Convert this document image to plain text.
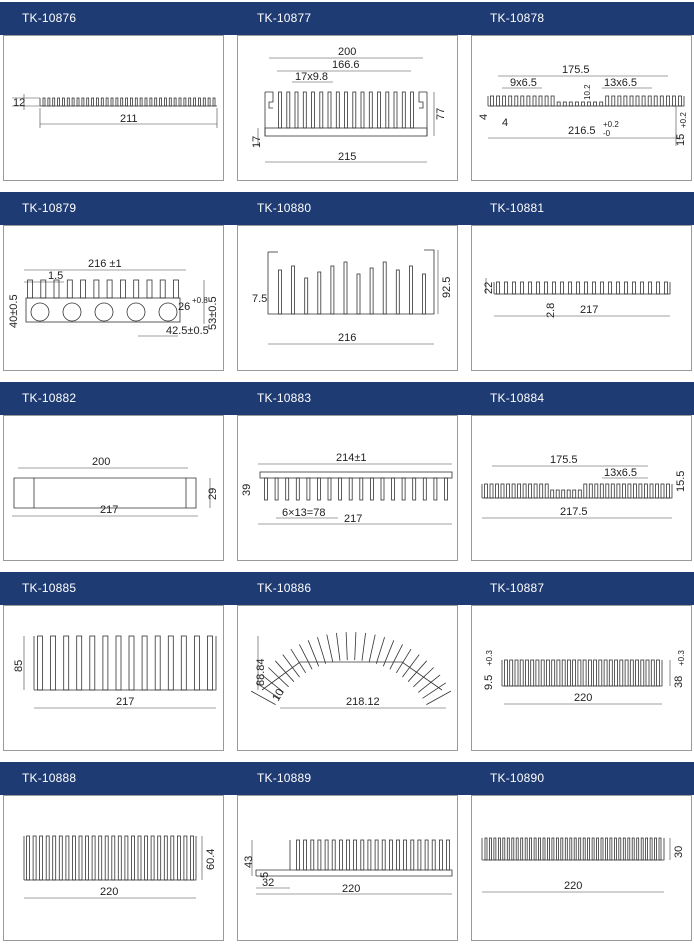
TK-10876	TK-10877	TK-10878
12
211
200
166.6
17x9.8
77
17
215
175.5
9x6.5	13x6.5
10.2
4
4
216.5
+0.2
-0
15
+0.2
TK-10879	TK-10880	TK-10881
216 ±1
1.5
40±0.5	26
+0.8 53±0.5
42.5±0.5
92.5
7.5
216
22
2.8 217
TK-10882	TK-10883	TK-10884
200
29
217
214±1
39
6×13=78 217
175.5
13x6.5	15.5
217.5
TK-10885	TK-10886	TK-10887
85
217
88.84
10	218.12
9.5
+0.3
38
+0.3
220
TK-10888	TK-10889	TK-10890
60.4
220
43
5
32	220
30
220
